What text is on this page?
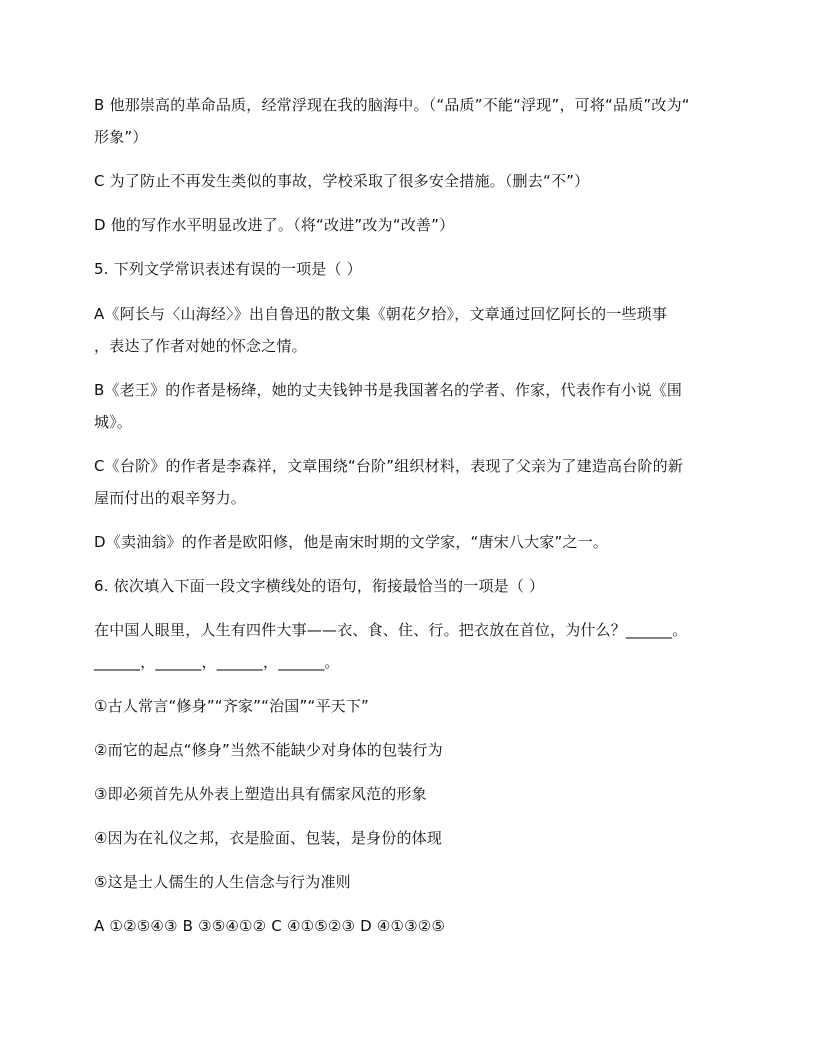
B 他那崇高的革命品质，经常浮现在我的脑海中。（“品质”不能“浮现”，可将“品质”改为“
形象”）
C 为了防止不再发生类似的事故，学校采取了很多安全措施。（删去“不”）
D 他的写作水平明显改进了。（将“改进”改为“改善”）
5. 下列文学常识表述有误的一项是（ ）
A《阿长与〈山海经〉》出自鲁迅的散文集《朝花夕拾》，文章通过回忆阿长的一些琐事
，表达了作者对她的怀念之情。
B《老王》的作者是杨绛，她的丈夫钱钟书是我国著名的学者、作家，代表作有小说《围
城》。
C《台阶》的作者是李森祥，文章围绕“台阶”组织材料，表现了父亲为了建造高台阶的新
屋而付出的艰辛努力。
D《卖油翁》的作者是欧阳修，他是南宋时期的文学家，“唐宋八大家”之一。
6. 依次填入下面一段文字横线处的语句，衔接最恰当的一项是（ ）
在中国人眼里，人生有四件大事——衣、食、住、行。把衣放在首位，为什么？______。
______，______，______，______。
①古人常言“修身”“齐家”“治国”“平天下”
②而它的起点“修身”当然不能缺少对身体的包装行为
③即必须首先从外表上塑造出具有儒家风范的形象
④因为在礼仪之邦，衣是脸面、包装，是身份的体现
⑤这是士人儒生的人生信念与行为准则
A ①②⑤④③ B ③⑤④①② C ④①⑤②③ D ④①③②⑤
